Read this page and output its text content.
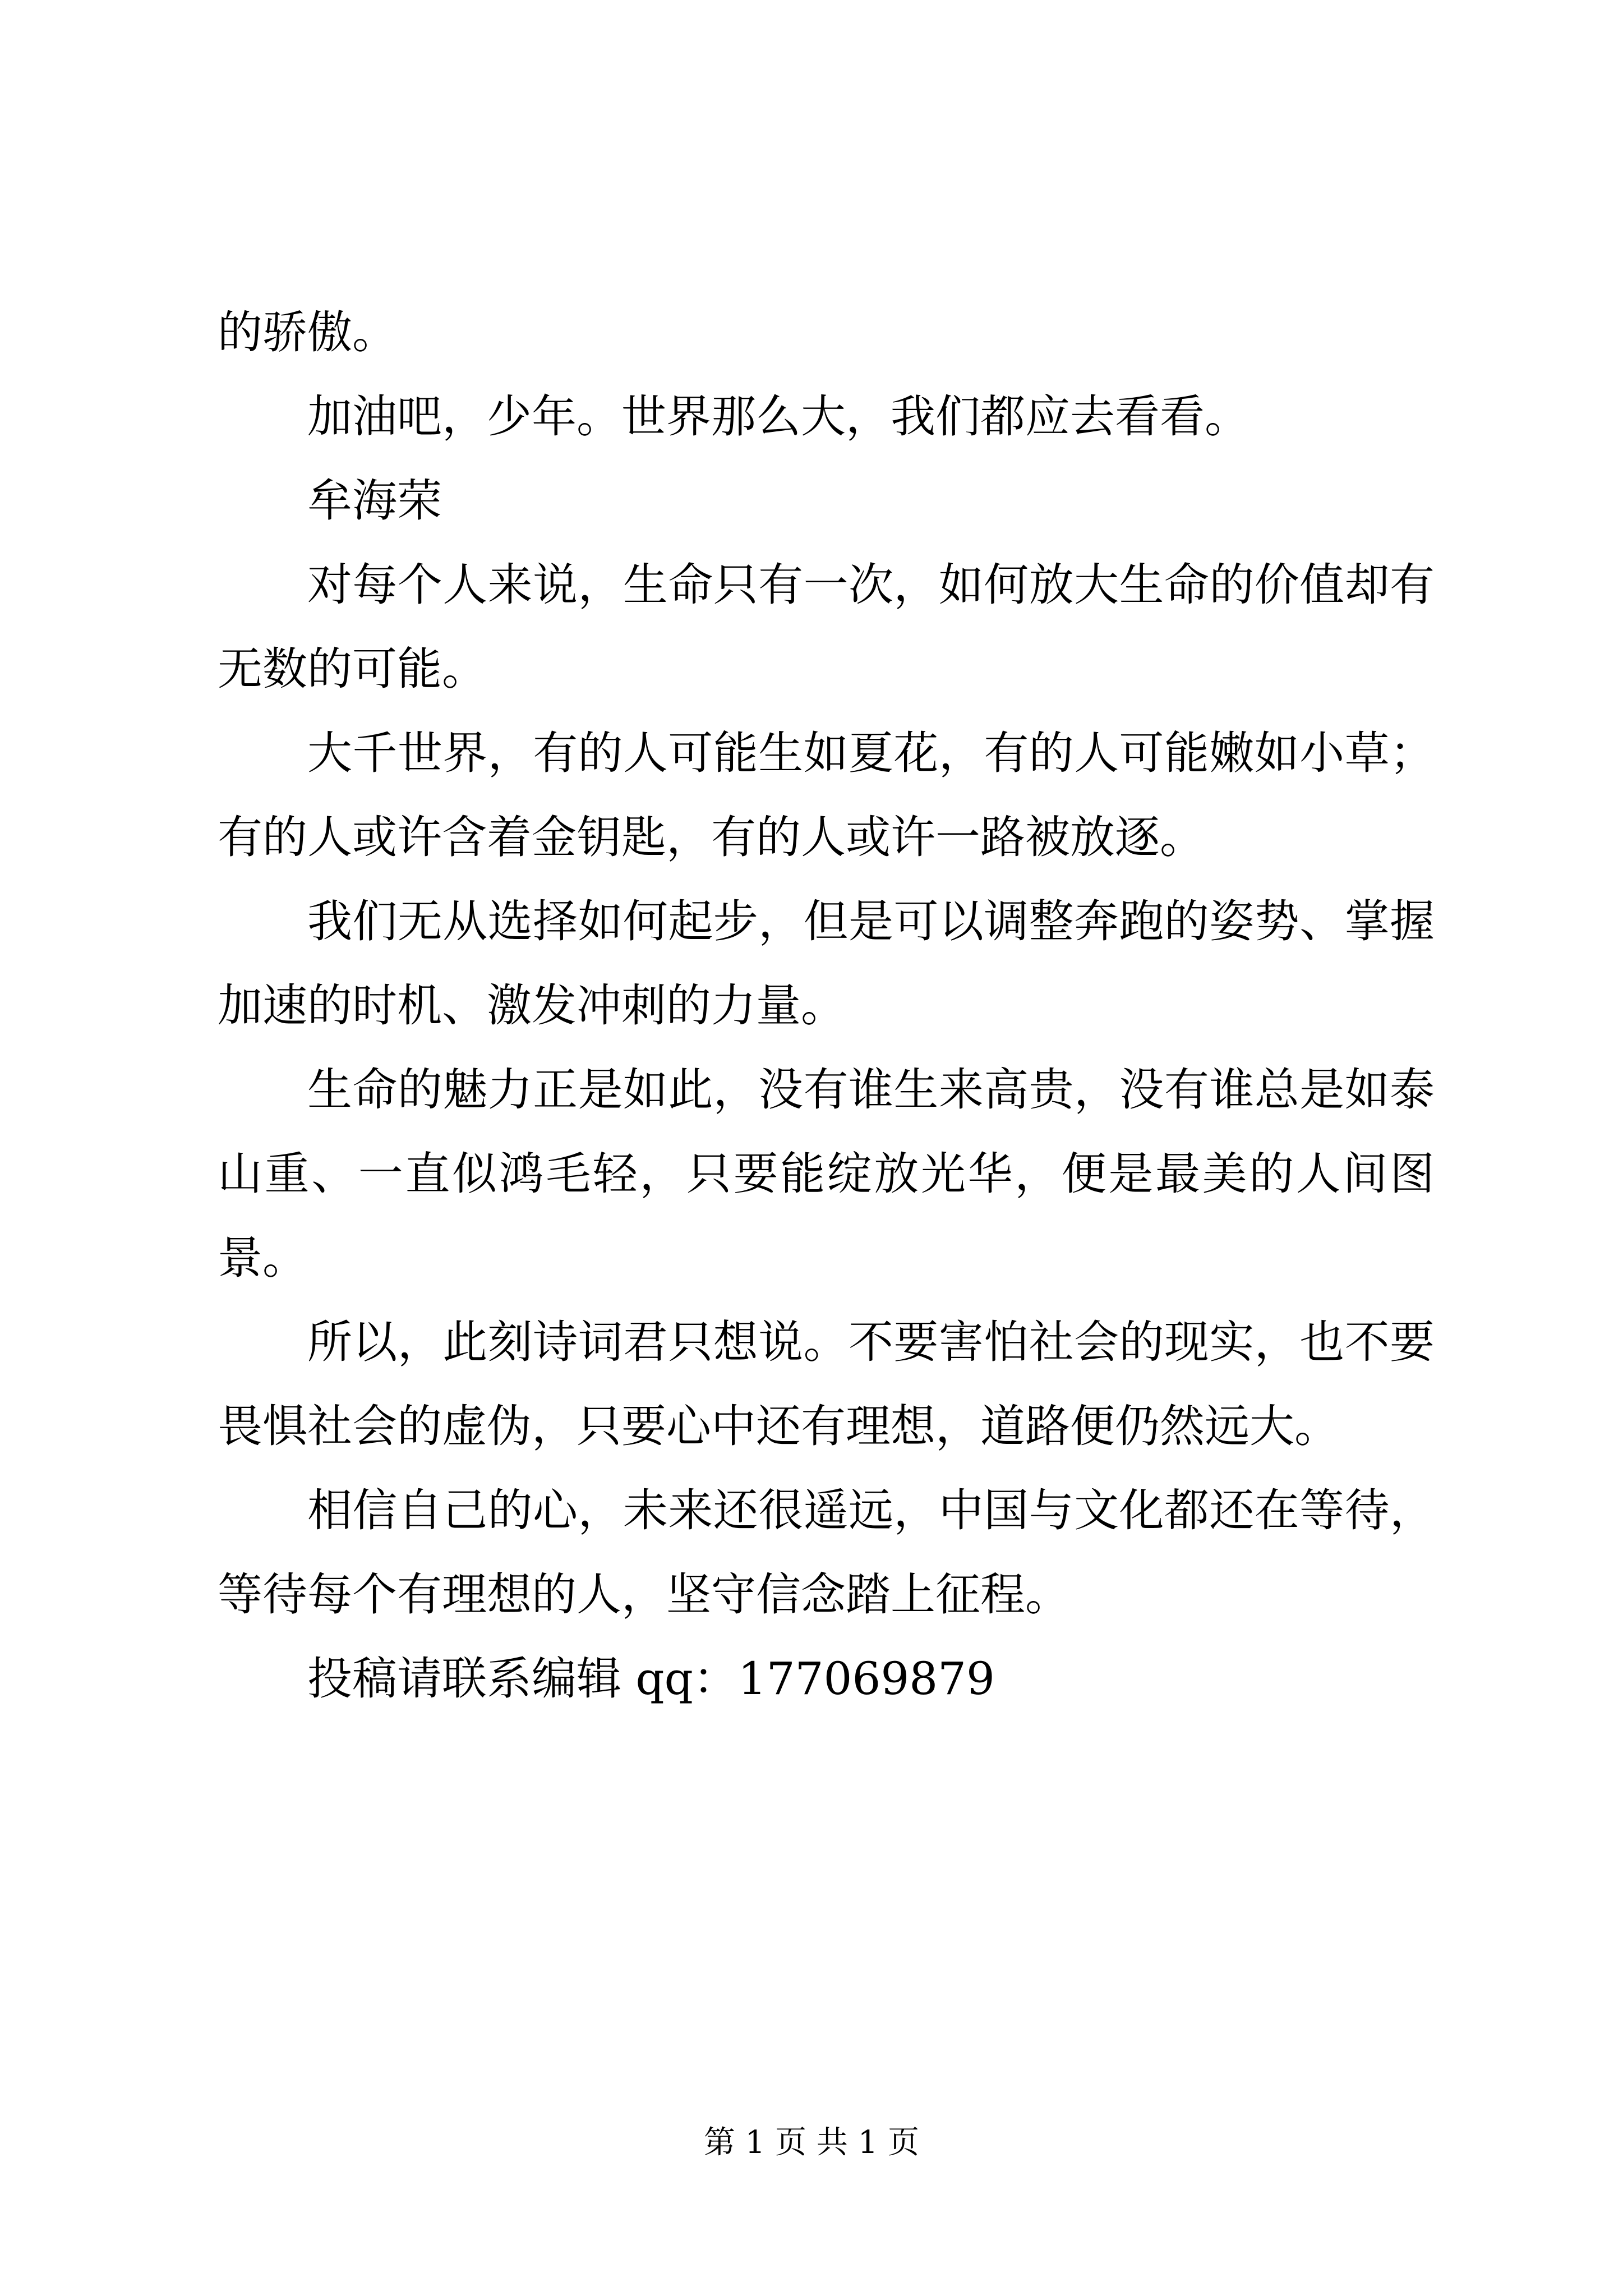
的骄傲。

加油吧，少年。世界那么大，我们都应去看看。

牟海荣

对每个人来说，生命只有一次，如何放大生命的价值却有无数的可能。

大千世界，有的人可能生如夏花，有的人可能嫩如小草；有的人或许含着金钥匙，有的人或许一路被放逐。

我们无从选择如何起步，但是可以调整奔跑的姿势、掌握加速的时机、激发冲刺的力量。

生命的魅力正是如此，没有谁生来高贵，没有谁总是如泰山重、一直似鸿毛轻，只要能绽放光华，便是最美的人间图景。

所以，此刻诗词君只想说。不要害怕社会的现实，也不要畏惧社会的虚伪，只要心中还有理想，道路便仍然远大。

相信自己的心，未来还很遥远，中国与文化都还在等待，等待每个有理想的人，坚守信念踏上征程。

投稿请联系编辑 qq：177069879

第 1 页 共 1 页
